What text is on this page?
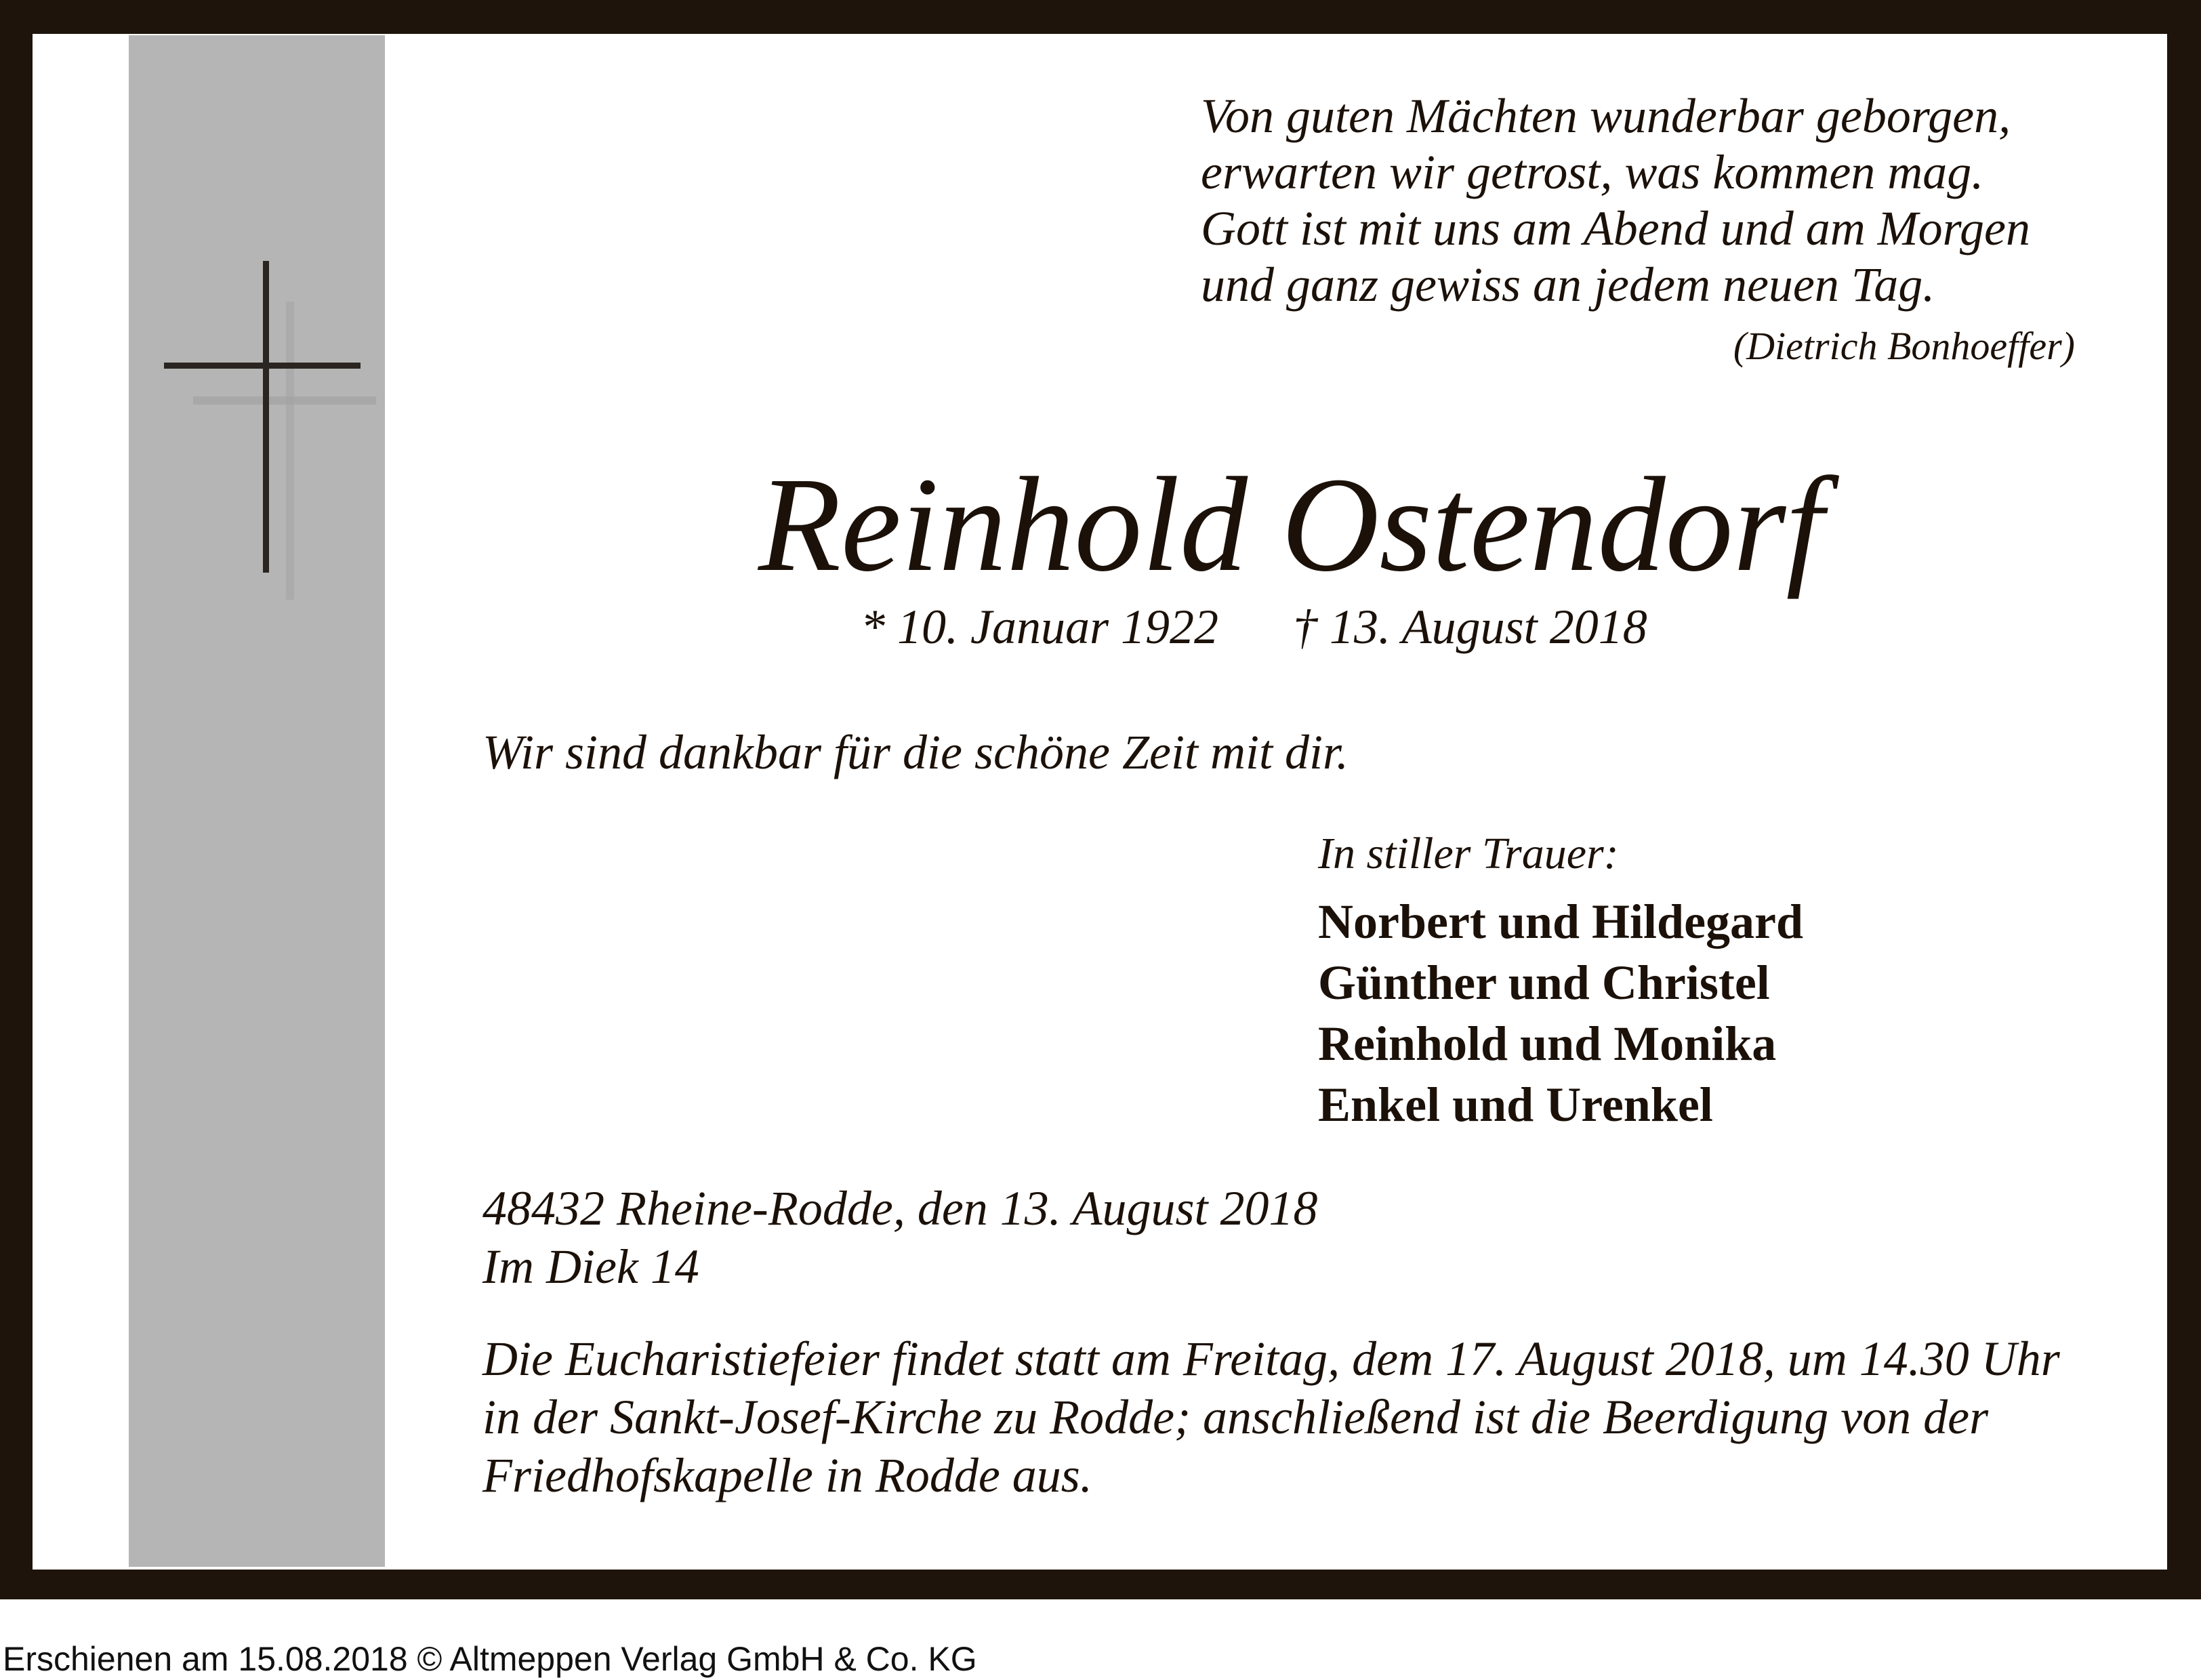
Von guten Mächten wunderbar geborgen,
erwarten wir getrost, was kommen mag.
Gott ist mit uns am Abend und am Morgen
und ganz gewiss an jedem neuen Tag.
(Dietrich Bonhoeffer)
Reinhold Ostendorf
* 10. Januar 1922 † 13. August 2018
Wir sind dankbar für die schöne Zeit mit dir.
In stiller Trauer:
Norbert und Hildegard
Günther und Christel
Reinhold und Monika
Enkel und Urenkel
48432 Rheine-Rodde, den 13. August 2018
Im Diek 14
Die Eucharistiefeier findet statt am Freitag, dem 17. August 2018, um 14.30 Uhr
in der Sankt-Josef-Kirche zu Rodde; anschließend ist die Beerdigung von der
Friedhofskapelle in Rodde aus.
Erschienen am 15.08.2018 © Altmeppen Verlag GmbH & Co. KG
